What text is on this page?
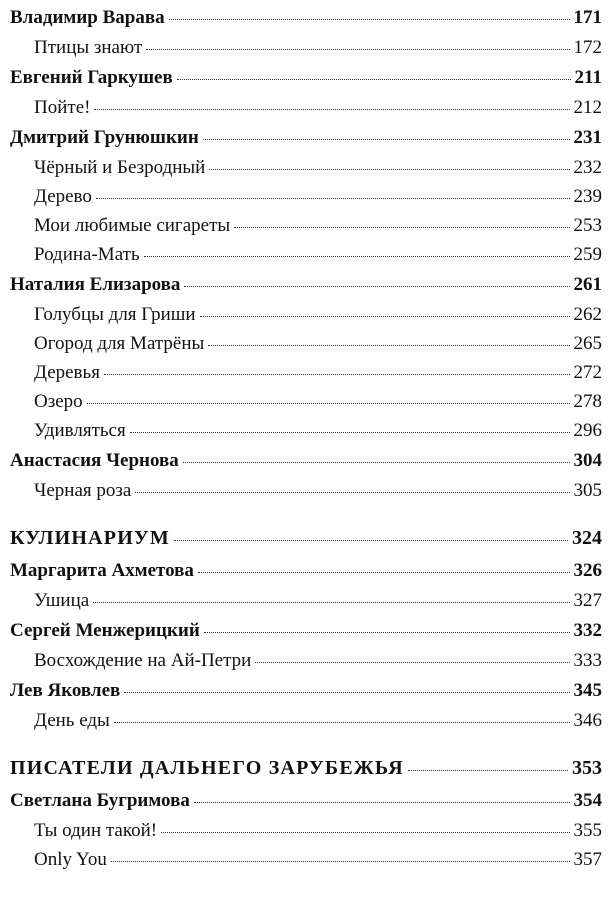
Владимир Варава	171
Птицы знают	172
Евгений Гаркушев	211
Пойте!	212
Дмитрий Грунюшкин	231
Чёрный и Безродный	232
Дерево	239
Мои любимые сигареты	253
Родина-Мать	259
Наталия Елизарова	261
Голубцы для Гриши	262
Огород для Матрёны	265
Деревья	272
Озеро	278
Удивляться	296
Анастасия Чернова	304
Черная роза	305
КУЛИНАРИУМ	324
Маргарита Ахметова	326
Ушица	327
Сергей Менжерицкий	332
Восхождение на Ай-Петри	333
Лев Яковлев	345
День еды	346
ПИСАТЕЛИ ДАЛЬНЕГО ЗАРУБЕЖЬЯ	353
Светлана Бугримова	354
Ты один такой!	355
Only You	357
